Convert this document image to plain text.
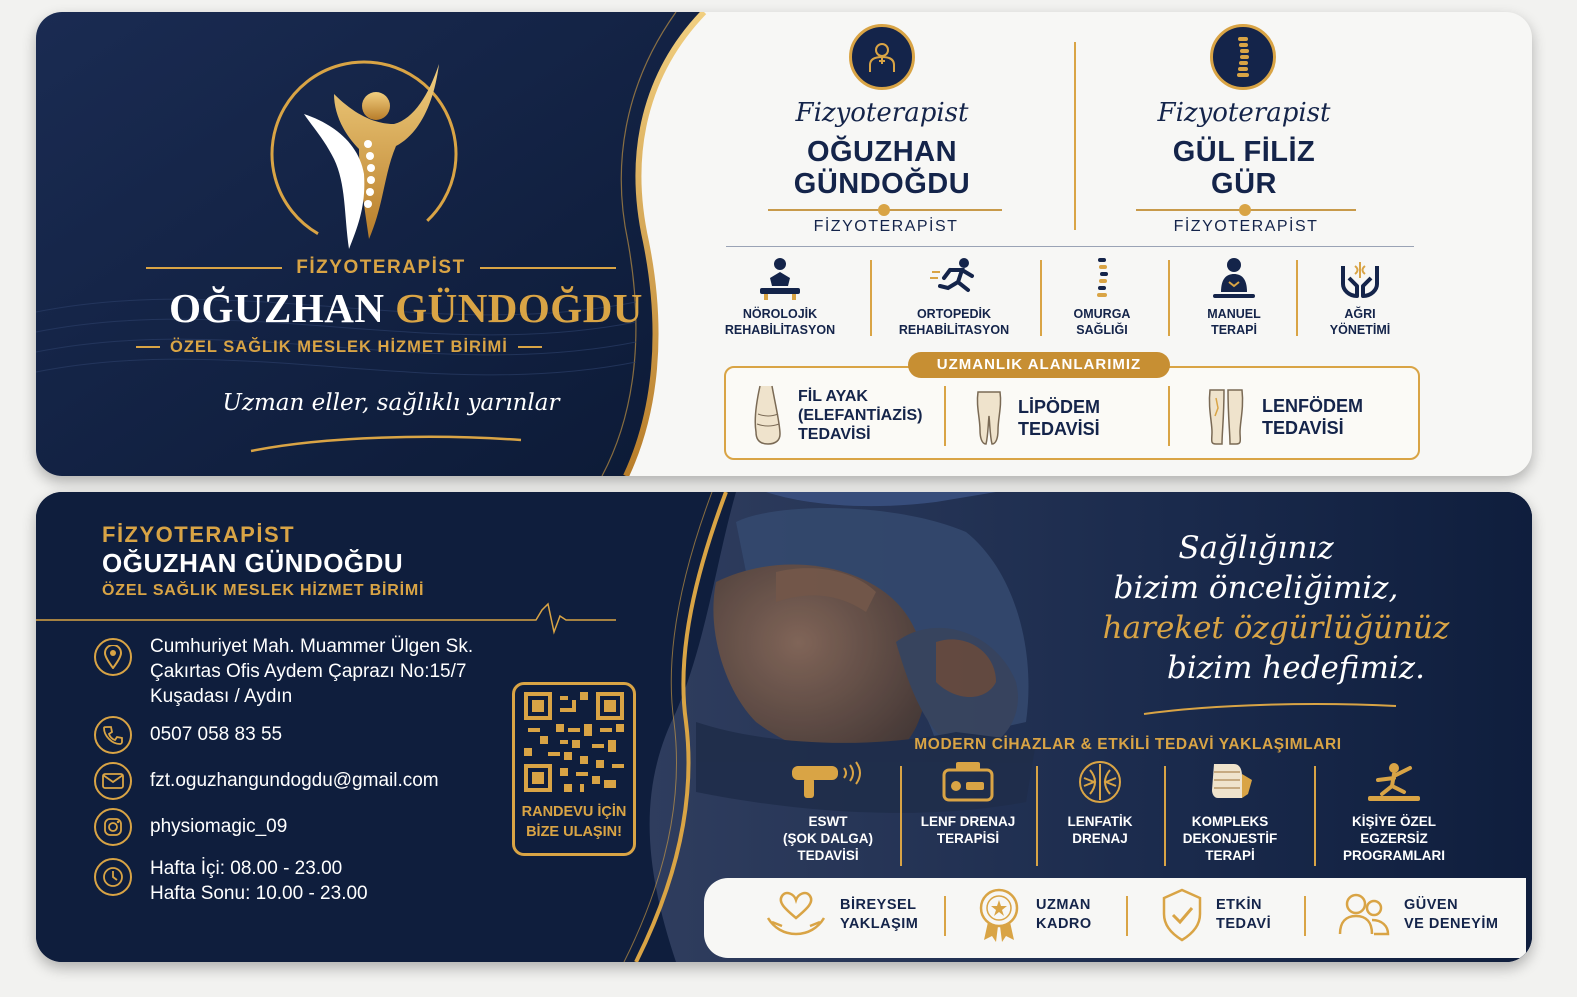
FİZYOTERAPİST
OĞUZHAN GÜNDOĞDU
ÖZEL SAĞLIK MESLEK HİZMET BİRİMİ
Uzman eller, sağlıklı yarınlar
Fizyoterapist
OĞUZHAN
GÜNDOĞDU
FİZYOTERAPİST
Fizyoterapist
GÜL FİLİZ
GÜR
FİZYOTERAPİST
NÖROLOJİK
REHABİLİTASYON
ORTOPEDİK
REHABİLİTASYON
OMURGA
SAĞLIĞI
MANUEL
TERAPİ
AĞRI
YÖNETİMİ
UZMANLIK ALANLARIMIZ
FİL AYAK
(ELEFANTİAZİS)
TEDAVİSİ
LİPÖDEM
TEDAVİSİ
LENFÖDEM
TEDAVİSİ
FİZYOTERAPİST
OĞUZHAN GÜNDOĞDU
ÖZEL SAĞLIK MESLEK HİZMET BİRİMİ
Cumhuriyet Mah. Muammer Ülgen Sk.
Çakırtas Ofis Aydem Çaprazı No:15/7
Kuşadası / Aydın
0507 058 83 55
fzt.oguzhangundogdu@gmail.com
physiomagic_09
Hafta İçi: 08.00 - 23.00
Hafta Sonu: 10.00 - 23.00
RANDEVU İÇİN
BİZE ULAŞIN!
Sağlığınız
bizim önceliğimiz,
hareket özgürlüğünüz
bizim hedefimiz.
MODERN CİHAZLAR & ETKİLİ TEDAVİ YAKLAŞIMLARI
ESWT
(ŞOK DALGA)
TEDAVİSİ
LENF DRENAJ
TERAPİSİ
LENFATİK
DRENAJ
KOMPLEKS
DEKONJESTİF
TERAPİ
KİŞİYE ÖZEL
EGZERSİZ
PROGRAMLARI
BİREYSEL
YAKLAŞIM
UZMAN
KADRO
ETKİN
TEDAVİ
GÜVEN
VE DENEYİM
